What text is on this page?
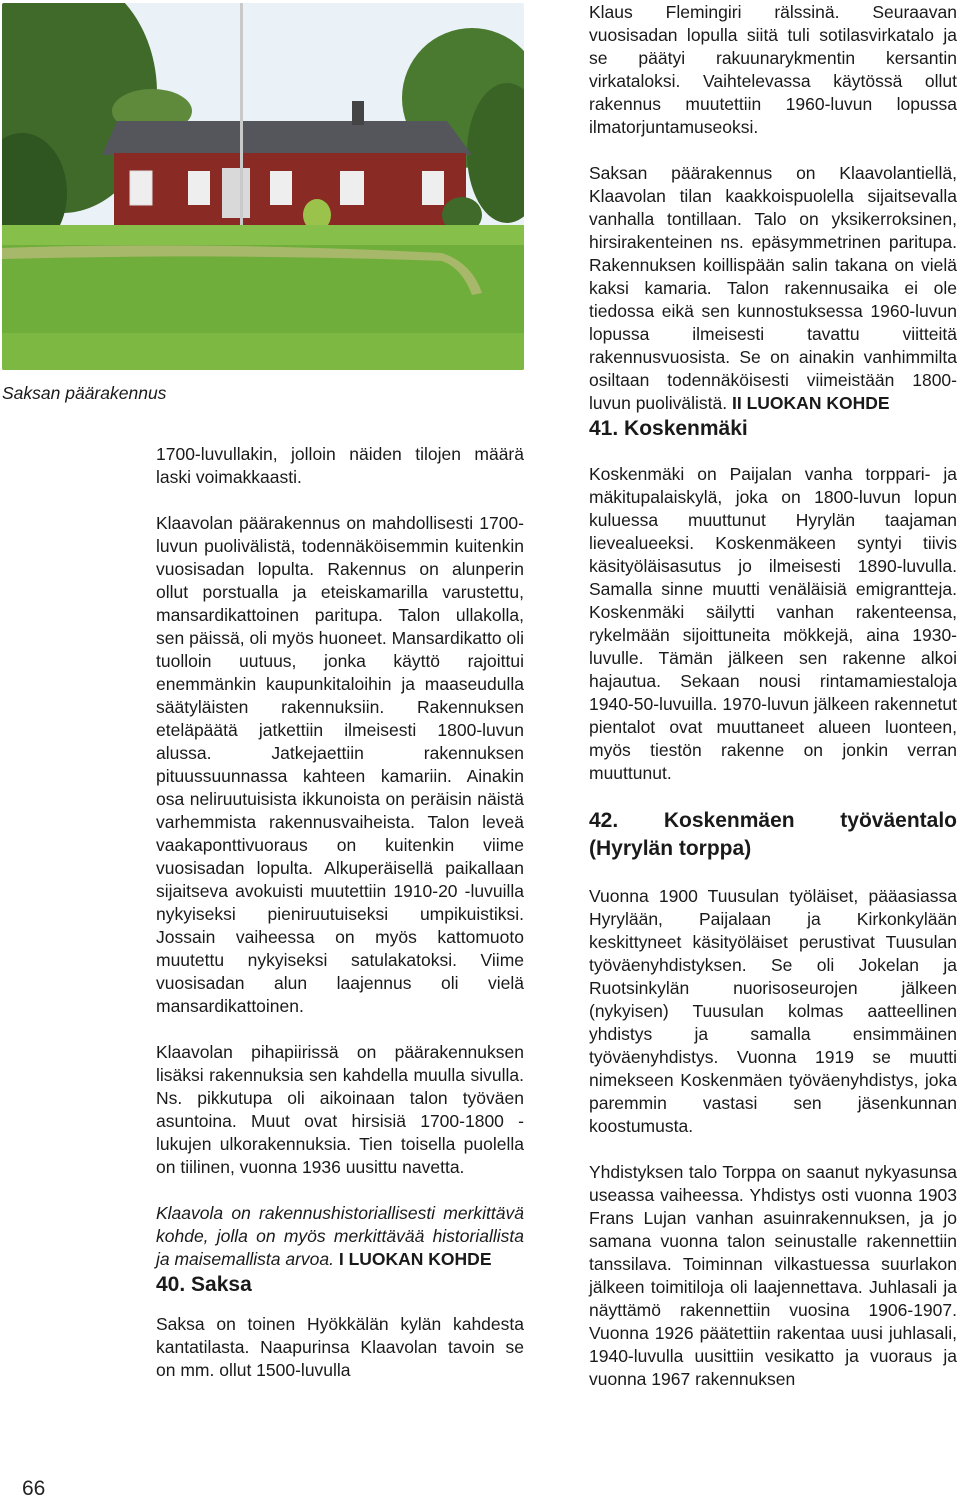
Saksan päärakennus

1700-luvullakin, jolloin näiden tilojen määrä laski voimakkaasti.

Klaavolan päärakennus on mahdollisesti 1700-luvun puolivälistä, todennäköisemmin kuitenkin vuosisadan lopulta. Rakennus on alunperin ollut porstualla ja eteiskamarilla varustettu, mansardikattoinen paritupa. Talon ullakolla, sen päissä, oli myös huoneet. Mansardikatto oli tuolloin uutuus, jonka käyttö rajoittui enemmänkin kaupunkitaloihin ja maaseudulla säätyläisten rakennuksiin. Rakennuksen eteläpäätä jatkettiin ilmeisesti 1800-luvun alussa. Jatkejaettiin rakennuksen pituussuunnassa kahteen kamariin. Ainakin osa neliruutuisista ikkunoista on peräisin näistä varhemmista rakennusvaiheista. Talon leveä vaakaponttivuoraus on kuitenkin viime vuosisadan lopulta. Alkuperäisellä paikallaan sijaitseva avokuisti muutettiin 1910-20 -luvuilla nykyiseksi pieniruutuiseksi umpikuistiksi. Jossain vaiheessa on myös kattomuoto muutettu nykyiseksi satulakatoksi. Viime vuosisadan alun laajennus oli vielä mansardikattoinen.

Klaavolan pihapiirissä on päärakennuksen lisäksi rakennuksia sen kahdella muulla sivulla. Ns. pikkutupa oli aikoinaan talon työväen asuntoina. Muut ovat hirsisiä 1700-1800 -lukujen ulkorakennuksia. Tien toisella puolella on tiilinen, vuonna 1936 uusittu navetta.

Klaavola on rakennushistoriallisesti merkittävä kohde, jolla on myös merkittävää historiallista ja maisemallista arvoa. I LUOKAN KOHDE

40. Saksa

Saksa on toinen Hyökkälän kylän kahdesta kantatilasta. Naapurinsa Klaavolan tavoin se on mm. ollut 1500-luvulla

Klaus Flemingiri rälssinä. Seuraavan vuosisadan lopulla siitä tuli sotilasvirkatalo ja se päätyi rakuunarykmentin kersantin virkataloksi. Vaihtelevassa käytössä ollut rakennus muutettiin 1960-luvun lopussa ilmatorjuntamuseoksi.

Saksan päärakennus on Klaavolantiellä, Klaavolan tilan kaakkoispuolella sijaitsevalla vanhalla tontillaan. Talo on yksikerroksinen, hirsirakenteinen ns. epäsymmetrinen paritupa. Rakennuksen koillispään salin takana on vielä kaksi kamaria. Talon rakennusaika ei ole tiedossa eikä sen kunnostuksessa 1960-luvun lopussa ilmeisesti tavattu viitteitä rakennusvuosista. Se on ainakin vanhimmilta osiltaan todennäköisesti viimeistään 1800-luvun puolivälistä. II LUOKAN KOHDE

41. Koskenmäki

Koskenmäki on Paijalan vanha torppari- ja mäkitupalaiskylä, joka on 1800-luvun lopun kuluessa muuttunut Hyrylän taajaman lievealueeksi. Koskenmäkeen syntyi tiivis käsityöläisasutus jo ilmeisesti 1890-luvulla. Samalla sinne muutti venäläisiä emigrantteja. Koskenmäki säilytti vanhan rakenteensa, rykelmään sijoittuneita mökkejä, aina 1930-luvulle. Tämän jälkeen sen rakenne alkoi hajautua. Sekaan nousi rintamamiestaloja 1940-50-luvuilla. 1970-luvun jälkeen rakennetut pientalot ovat muuttaneet alueen luonteen, myös tiestön rakenne on jonkin verran muuttunut.

42. Koskenmäen työväentalo (Hyrylän torppa)

Vuonna 1900 Tuusulan työläiset, pääasiassa Hyrylään, Paijalaan ja Kirkonkylään keskittyneet käsityöläiset perustivat Tuusulan työväenyhdistyksen. Se oli Jokelan ja Ruotsinkylän nuorisoseurojen jälkeen (nykyisen) Tuusulan kolmas aatteellinen yhdistys ja samalla ensimmäinen työväenyhdistys. Vuonna 1919 se muutti nimekseen Koskenmäen työväenyhdistys, joka paremmin vastasi sen jäsenkunnan koostumusta.

Yhdistyksen talo Torppa on saanut nykyasunsa useassa vaiheessa. Yhdistys osti vuonna 1903 Frans Lujan vanhan asuinrakennuksen, ja jo samana vuonna talon seinustalle rakennettiin tanssilava. Toiminnan vilkastuessa suurlakon jälkeen toimitiloja oli laajennettava. Juhlasali ja näyttämö rakennettiin vuosina 1906-1907. Vuonna 1926 päätettiin rakentaa uusi juhlasali, 1940-luvulla uusittiin vesikatto ja vuoraus ja vuonna 1967 rakennuksen

66
